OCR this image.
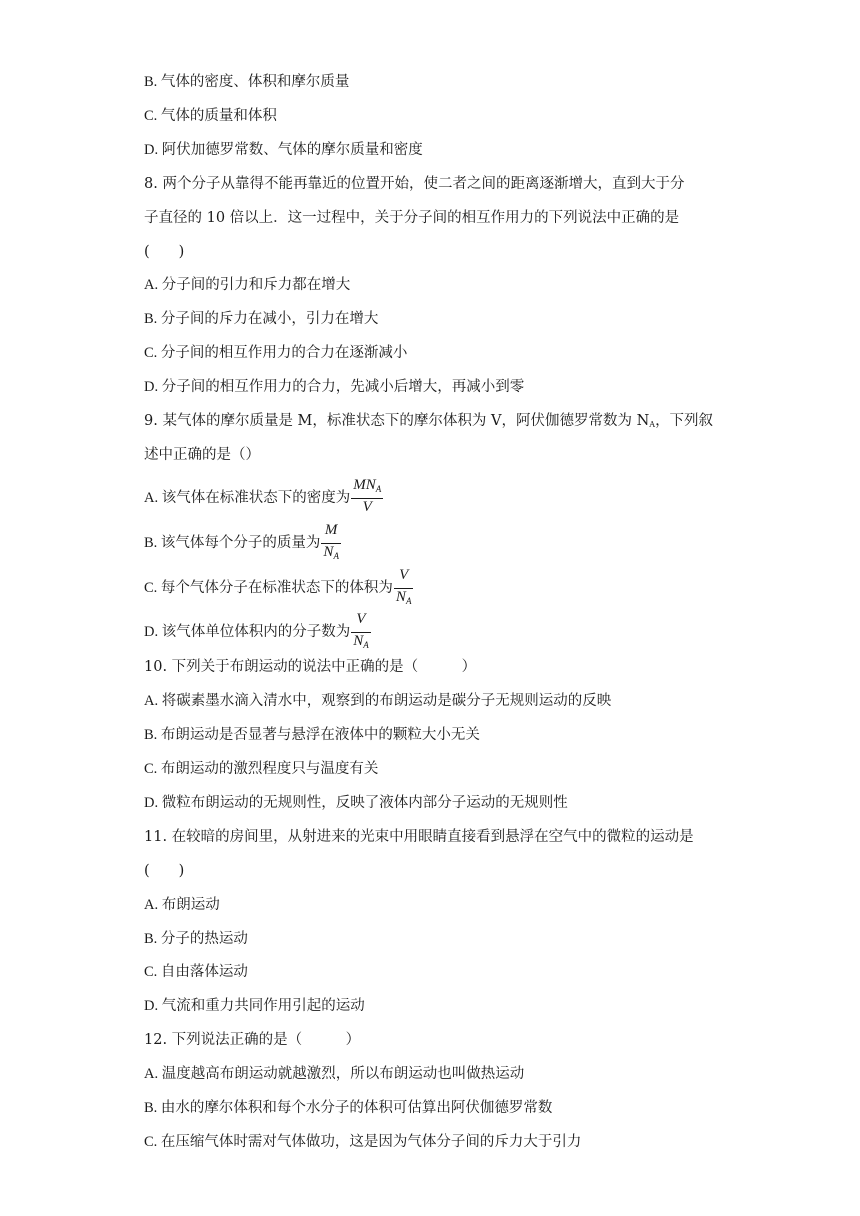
B. 气体的密度、体积和摩尔质量
C. 气体的质量和体积
D. 阿伏加德罗常数、气体的摩尔质量和密度
8. 两个分子从靠得不能再靠近的位置开始，使二者之间的距离逐渐增大，直到大于分
子直径的 10 倍以上．这一过程中，关于分子间的相互作用力的下列说法中正确的是
(　　)
A. 分子间的引力和斥力都在增大
B. 分子间的斥力在减小，引力在增大
C. 分子间的相互作用力的合力在逐渐减小
D. 分子间的相互作用力的合力，先减小后增大，再减小到零
9. 某气体的摩尔质量是 M，标准状态下的摩尔体积为 V，阿伏伽德罗常数为 NA，下列叙
述中正确的是（）
A. 该气体在标准状态下的密度为 $\frac{MN_A}{V}$
B. 该气体每个分子的质量为 $\frac{M}{N_A}$
C. 每个气体分子在标准状态下的体积为 $\frac{V}{N_A}$
D. 该气体单位体积内的分子数为 $\frac{V}{N_A}$
10. 下列关于布朗运动的说法中正确的是（　　　）
A. 将碳素墨水滴入清水中，观察到的布朗运动是碳分子无规则运动的反映
B. 布朗运动是否显著与悬浮在液体中的颗粒大小无关
C. 布朗运动的激烈程度只与温度有关
D. 微粒布朗运动的无规则性，反映了液体内部分子运动的无规则性
11. 在较暗的房间里，从射进来的光束中用眼睛直接看到悬浮在空气中的微粒的运动是
(　　)
A. 布朗运动
B. 分子的热运动
C. 自由落体运动
D. 气流和重力共同作用引起的运动
12. 下列说法正确的是（　　　）
A. 温度越高布朗运动就越激烈，所以布朗运动也叫做热运动
B. 由水的摩尔体积和每个水分子的体积可估算出阿伏伽德罗常数
C. 在压缩气体时需对气体做功，这是因为气体分子间的斥力大于引力
